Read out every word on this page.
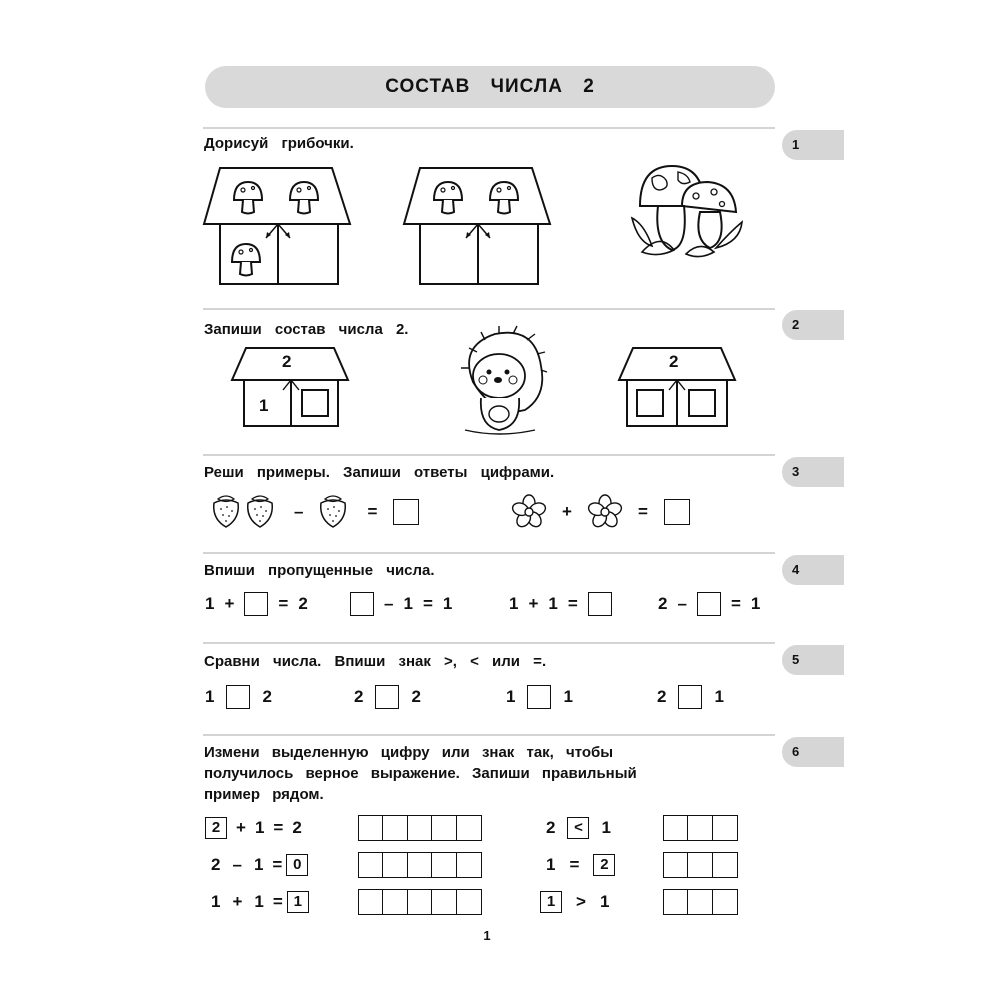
СОСТАВ ЧИСЛА 2
1
2
3
4
5
6
Дорисуй грибочки.
Запиши состав числа 2.
2
1
2
Реши примеры. Запиши ответы цифрами.
–	=	+	=
Впиши пропущенные числа.
1 +	= 2	– 1 = 1	1 + 1 =	2 –	= 1
Сравни числа. Впиши знак >, < или =.
1	2	2	2	1	1	2	1
Измени выделенную цифру или знак так, чтобы
получилось верное выражение. Запиши правильный
пример рядом.
2 + 1 = 2
2 – 1 = 0
1 + 1 = 1
2	<	1
1 =	2
1	> 1
1
